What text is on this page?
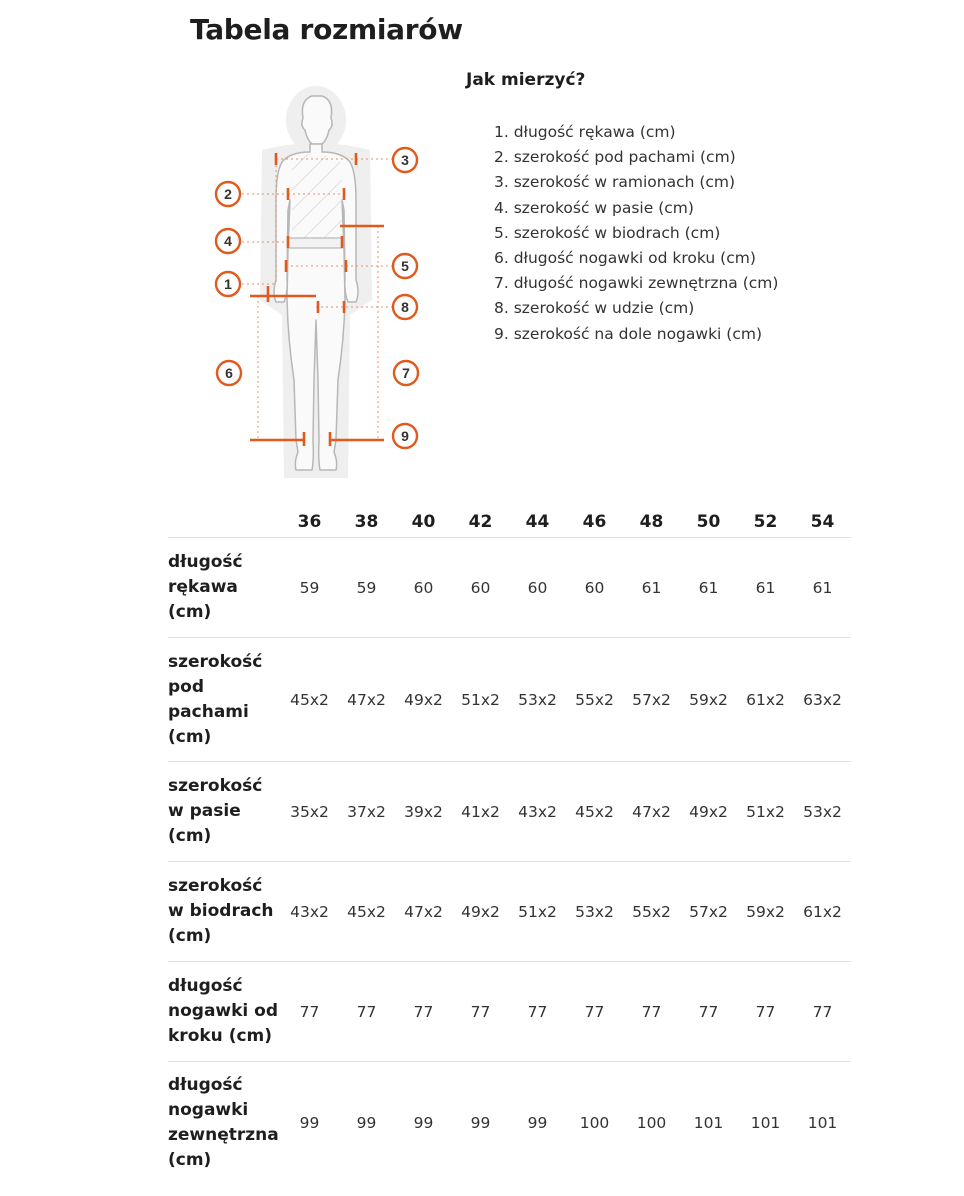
Tabela rozmiarów
1
2
3
4
5
6	7
8
9
Jak mierzyć?
1. długość rękawa (cm)
2. szerokość pod pachami (cm)
3. szerokość w ramionach (cm)
4. szerokość w pasie (cm)
5. szerokość w biodrach (cm)
6. długość nogawki od kroku (cm)
7. długość nogawki zewnętrzna (cm)
8. szerokość w udzie (cm)
9. szerokość na dole nogawki (cm)
	36	38	40	42	44	46	48	50	52	54
długość rękawa (cm)	59	59	60	60	60	60	61	61	61	61
szerokość pod pachami (cm)	45x2	47x2	49x2	51x2	53x2	55x2	57x2	59x2	61x2	63x2
szerokość w pasie (cm)	35x2	37x2	39x2	41x2	43x2	45x2	47x2	49x2	51x2	53x2
szerokość w biodrach (cm)	43x2	45x2	47x2	49x2	51x2	53x2	55x2	57x2	59x2	61x2
długość nogawki od kroku (cm)	77	77	77	77	77	77	77	77	77	77
długość nogawki zewnętrzna (cm)	99	99	99	99	99	100	100	101	101	101
